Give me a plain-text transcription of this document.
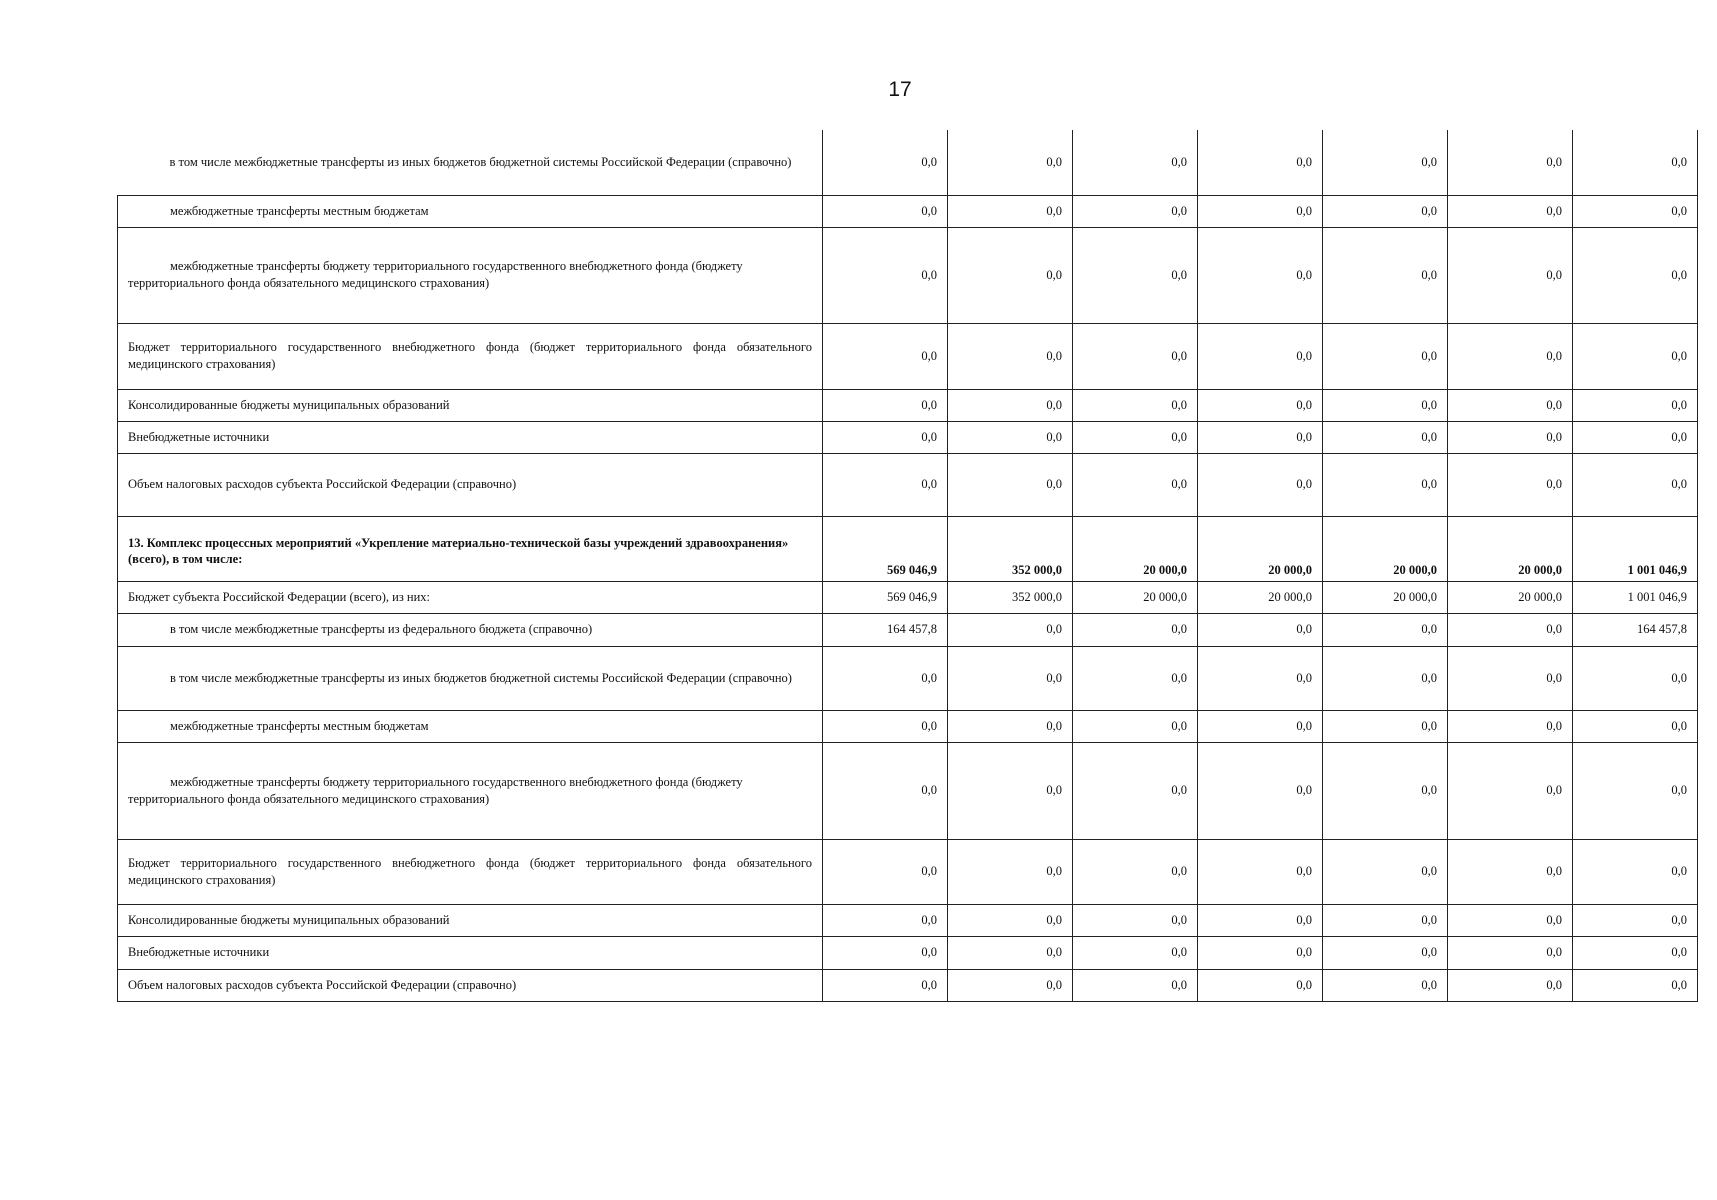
17
в том числе межбюджетные трансферты из иных бюджетов бюджетной системы Российской Федерации (справочно)	0,0	0,0	0,0	0,0	0,0	0,0	0,0

межбюджетные трансферты местным бюджетам	0,0	0,0	0,0	0,0	0,0	0,0	0,0

межбюджетные трансферты бюджету территориального государственного внебюджетного фонда (бюджету территориального фонда обязательного медицинского страхования)	0,0	0,0	0,0	0,0	0,0	0,0	0,0

Бюджет территориального государственного внебюджетного фонда (бюджет территориального фонда обязательного медицинского страхования)	0,0	0,0	0,0	0,0	0,0	0,0	0,0
Консолидированные бюджеты муниципальных образований	0,0	0,0	0,0	0,0	0,0	0,0	0,0
Внебюджетные источники	0,0	0,0	0,0	0,0	0,0	0,0	0,0
Объем налоговых расходов субъекта Российской Федерации (справочно)	0,0	0,0	0,0	0,0	0,0	0,0	0,0
13. Комплекс процессных мероприятий «Укрепление материально-технической базы учреждений здравоохранения» (всего), в том числе:	569 046,9	352 000,0	20 000,0	20 000,0	20 000,0	20 000,0	1 001 046,9
Бюджет субъекта Российской Федерации (всего), из них:	569 046,9	352 000,0	20 000,0	20 000,0	20 000,0	20 000,0	1 001 046,9

в том числе межбюджетные трансферты из федерального бюджета (справочно)	164 457,8	0,0	0,0	0,0	0,0	0,0	164 457,8

в том числе межбюджетные трансферты из иных бюджетов бюджетной системы Российской Федерации (справочно)	0,0	0,0	0,0	0,0	0,0	0,0	0,0

межбюджетные трансферты местным бюджетам	0,0	0,0	0,0	0,0	0,0	0,0	0,0

межбюджетные трансферты бюджету территориального государственного внебюджетного фонда (бюджету территориального фонда обязательного медицинского страхования)	0,0	0,0	0,0	0,0	0,0	0,0	0,0

Бюджет территориального государственного внебюджетного фонда (бюджет территориального фонда обязательного медицинского страхования)	0,0	0,0	0,0	0,0	0,0	0,0	0,0
Консолидированные бюджеты муниципальных образований	0,0	0,0	0,0	0,0	0,0	0,0	0,0
Внебюджетные источники	0,0	0,0	0,0	0,0	0,0	0,0	0,0
Объем налоговых расходов субъекта Российской Федерации (справочно)	0,0	0,0	0,0	0,0	0,0	0,0	0,0
